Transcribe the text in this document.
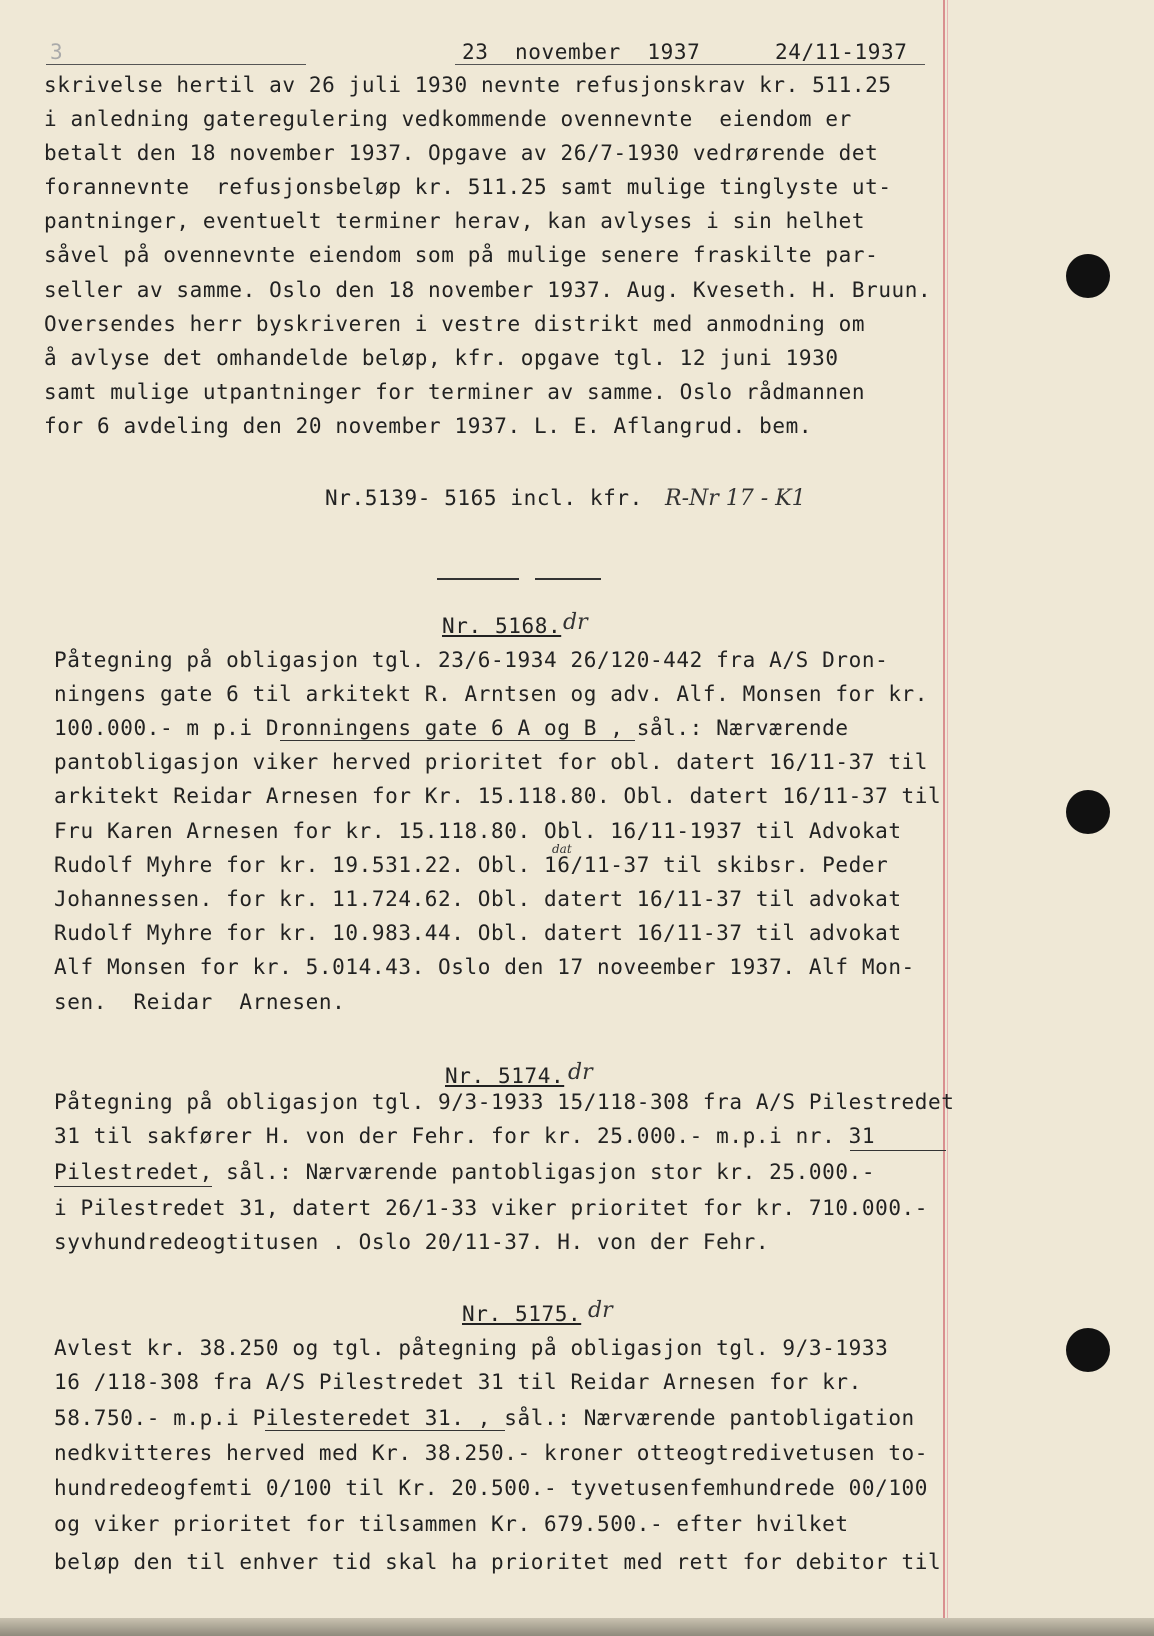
3	23  november  1937	24/11-1937
skrivelse hertil av 26 juli 1930 nevnte refusjonskrav kr. 511.25
i anledning gateregulering vedkommende ovennevnte  eiendom er
betalt den 18 november 1937. Opgave av 26/7-1930 vedrørende det
forannevnte  refusjonsbeløp kr. 511.25 samt mulige tinglyste ut-
pantninger, eventuelt terminer herav, kan avlyses i sin helhet
såvel på ovennevnte eiendom som på mulige senere fraskilte par-
seller av samme. Oslo den 18 november 1937. Aug. Kveseth. H. Bruun.
Oversendes herr byskriveren i vestre distrikt med anmodning om
å avlyse det omhandelde beløp, kfr. opgave tgl. 12 juni 1930
samt mulige utpantninger for terminer av samme. Oslo rådmannen
for 6 avdeling den 20 november 1937. L. E. Aflangrud. bem.
Nr.5139- 5165 incl. kfr. R-Nr 17 - K1
Nr. 5168. dr
Påtegning på obligasjon tgl. 23/6-1934 26/120-442 fra A/S Dron-
ningens gate 6 til arkitekt R. Arntsen og adv. Alf. Monsen for kr.
100.000.- m p.i Dronningens gate 6 A og B , sål.: Nærværende
pantobligasjon viker herved prioritet for obl. datert 16/11-37 til
arkitekt Reidar Arnesen for Kr. 15.118.80. Obl. datert 16/11-37 til
Fru Karen Arnesen for kr. 15.118.80. Obl. 16/11-1937 til Advokat
Rudolf Myhre for kr. 19.531.22. Obl. 16/11-37 til skibsr. Peder
Johannessen. for kr. 11.724.62. Obl. datert 16/11-37 til advokat
Rudolf Myhre for kr. 10.983.44. Obl. datert 16/11-37 til advokat
Alf Monsen for kr. 5.014.43. Oslo den 17 noveember 1937. Alf Mon-
sen.  Reidar  Arnesen.
dat
Nr. 5174. dr
Påtegning på obligasjon tgl. 9/3-1933 15/118-308 fra A/S Pilestredet
31 til sakfører H. von der Fehr. for kr. 25.000.- m.p.i nr. 31
Pilestredet, sål.: Nærværende pantobligasjon stor kr. 25.000.-
i Pilestredet 31, datert 26/1-33 viker prioritet for kr. 710.000.-
syvhundredeogtitusen . Oslo 20/11-37. H. von der Fehr.
Nr. 5175. dr
Avlest kr. 38.250 og tgl. påtegning på obligasjon tgl. 9/3-1933
16 /118-308 fra A/S Pilestredet 31 til Reidar Arnesen for kr.
58.750.- m.p.i Pilesteredet 31. , sål.: Nærværende pantobligation
nedkvitteres herved med Kr. 38.250.- kroner otteogtredivetusen to-
hundredeogfemti 0/100 til Kr. 20.500.- tyvetusenfemhundrede 00/100
og viker prioritet for tilsammen Kr. 679.500.- efter hvilket
beløp den til enhver tid skal ha prioritet med rett for debitor til
